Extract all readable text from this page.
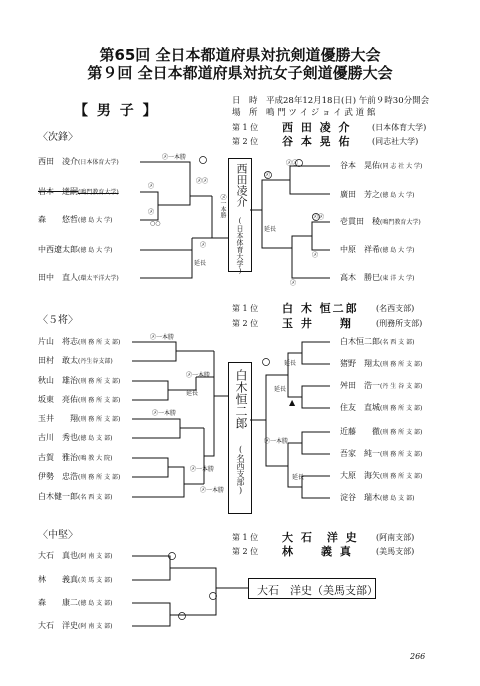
第65回 全日本都道府県対抗剣道優勝大会
第９回 全日本都道府県対抗女子剣道優勝大会
【 男 子 】
日　時　平成28年12月18日(日) 午前９時30分開会
場　所　鳴 門 ツ イ ジ ョ イ 武 道 館
〈次鋒〉
第 1 位 西 田 凌 介	(日本体育大学)
第 2 位 谷 本 晃 佑	(同志社大学)
西田　凌介(日本体育大学)
岩本　達嗣(鳴門教育大学)
森　　悠哲(徳 島 大 学)
中西遼太郎(徳 島 大 学)
田中　直人(環太平洋大学)
谷本　晃佑(同 志 社 大 学)
廣田　芳之(徳 島 大 学)
壱貫田　稜(鳴門教育大学)
中原　祥希(徳 島 大 学)
高木　勝巳(東 洋 大 学)
西田凌介
(日本体育大学)
㋱一本勝
㋱㋱
㋱
㋱
○○
㋱
延長
㋱一本勝
㋱㋱
㋱
㋱㋱
延長
㋱
㋱
〈５将〉
第 1 位 白 木 恒二郎 (名西支部)
第 2 位 玉 井　　翔	(刑務所支部)
片山　将志(刑 務 所 支 部)
田村　敢太(丹生谷支部)
秋山　雄治(刑 務 所 支 部)
坂東　亮佑(刑 務 所 支 部)
玉井　　翔(刑 務 所 支 部)
古川　秀也(徳 島 支 部)
古賀　雅治(鳴 教 大 院)
伊勢　忠浩(刑 務 所 支 部)
白木健一郎(名 西 支 部)
白木恒二郎(名 西 支 部)
猪野　翔太(刑 務 所 支 部)
舛田　浩一(丹 生 谷 支 部)
住友　直城(刑 務 所 支 部)
近藤　　徹(刑 務 所 支 部)
吾家　純一(刑 務 所 支 部)
大原　海矢(刑 務 所 支 部)
淀谷　瑞木(徳 島 支 部)
白木恒二郎
(名西支部)
㋱一本勝
㋱一本勝
延長
㋱一本勝
㋱一本勝
㋱一本勝
延長
延長
▲
㋱一本勝
延長
〈中堅〉	第 1 位 大 石　洋 史 (阿南支部)
第 2 位 林　　義 真	(美馬支部)
大石　真也(阿 南 支 部)
林　　義真(美 馬 支 部)
森　　康二(徳 島 支 部)
大石　洋史(阿 南 支 部)
大石　洋史（美馬支部）
266
